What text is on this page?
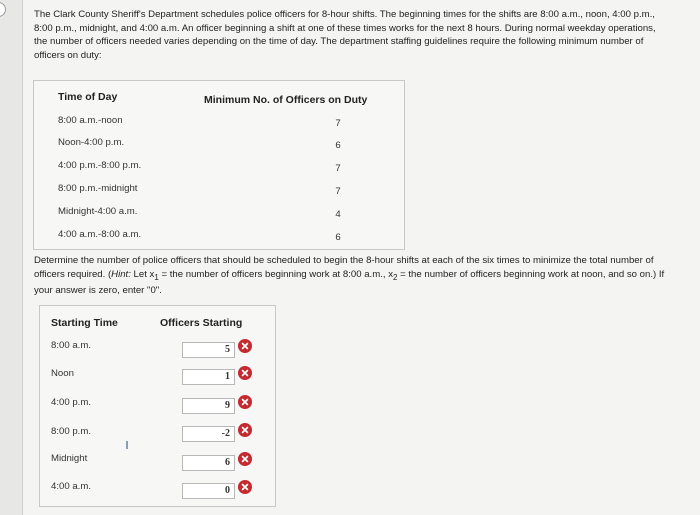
The Clark County Sheriff's Department schedules police officers for 8-hour shifts. The beginning times for the shifts are 8:00 a.m., noon, 4:00 p.m., 8:00 p.m., midnight, and 4:00 a.m. An officer beginning a shift at one of these times works for the next 8 hours. During normal weekday operations, the number of officers needed varies depending on the time of day. The department staffing guidelines require the following minimum number of officers on duty:
Time of Day	Minimum No. of Officers on Duty
8:00 a.m.-noon	7
Noon-4:00 p.m.	6
4:00 p.m.-8:00 p.m.	7
8:00 p.m.-midnight	7
Midnight-4:00 a.m.	4
4:00 a.m.-8:00 a.m.	6
Determine the number of police officers that should be scheduled to begin the 8-hour shifts at each of the six times to minimize the total number of officers required. (Hint: Let $x_1$ = the number of officers beginning work at 8:00 a.m., $x_2$ = the number of officers beginning work at noon, and so on.) If your answer is zero, enter "0".
Starting Time	Officers Starting
8:00 a.m.	5
Noon	1
4:00 p.m.	9
8:00 p.m.	-2
Midnight	6
4:00 a.m.	0
